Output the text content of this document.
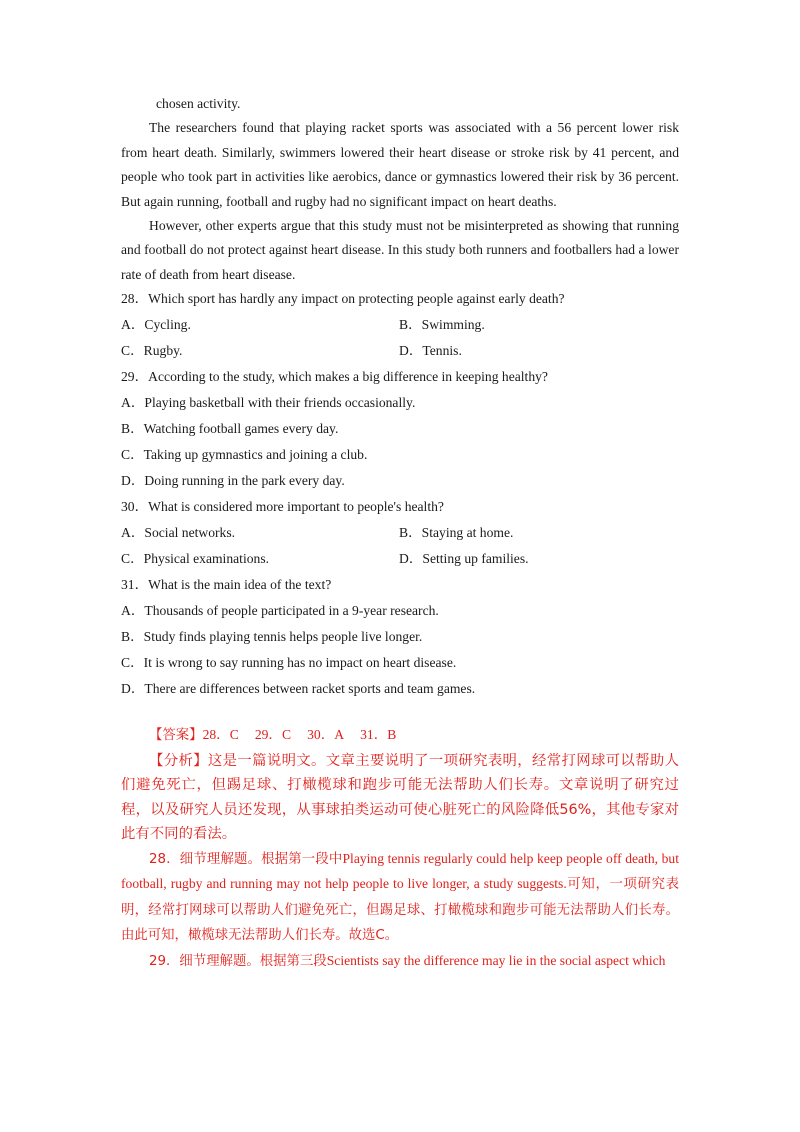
chosen activity.

The researchers found that playing racket sports was associated with a 56 percent lower risk from heart death. Similarly, swimmers lowered their heart disease or stroke risk by 41 percent, and people who took part in activities like aerobics, dance or gymnastics lowered their risk by 36 percent. But again running, football and rugby had no significant impact on heart deaths.

However, other experts argue that this study must not be misinterpreted as showing that running and football do not protect against heart disease. In this study both runners and footballers had a lower rate of death from heart disease.

28．Which sport has hardly any impact on protecting people against early death?

A．Cycling.	B．Swimming.
C．Rugby.	D．Tennis.

29．According to the study, which makes a big difference in keeping healthy?

A．Playing basketball with their friends occasionally.

B．Watching football games every day.

C．Taking up gymnastics and joining a club.

D．Doing running in the park every day.

30．What is considered more important to people's health?

A．Social networks.	B．Staying at home.
C．Physical examinations.	D．Setting up families.

31．What is the main idea of the text?

A．Thousands of people participated in a 9-year research.

B．Study finds playing tennis helps people live longer.

C．It is wrong to say running has no impact on heart disease.

D．There are differences between racket sports and team games.

【答案】28．C 29．C 30．A 31．B

【分析】这是一篇说明文。文章主要说明了一项研究表明，经常打网球可以帮助人们避免死亡，但踢足球、打橄榄球和跑步可能无法帮助人们长寿。文章说明了研究过程，以及研究人员还发现，从事球拍类运动可使心脏死亡的风险降低56%，其他专家对此有不同的看法。

28．细节理解题。根据第一段中Playing tennis regularly could help keep people off death, but football, rugby and running may not help people to live longer, a study suggests.可知，一项研究表明，经常打网球可以帮助人们避免死亡，但踢足球、打橄榄球和跑步可能无法帮助人们长寿。由此可知，橄榄球无法帮助人们长寿。故选C。

29．细节理解题。根据第三段Scientists say the difference may lie in the social aspect which
